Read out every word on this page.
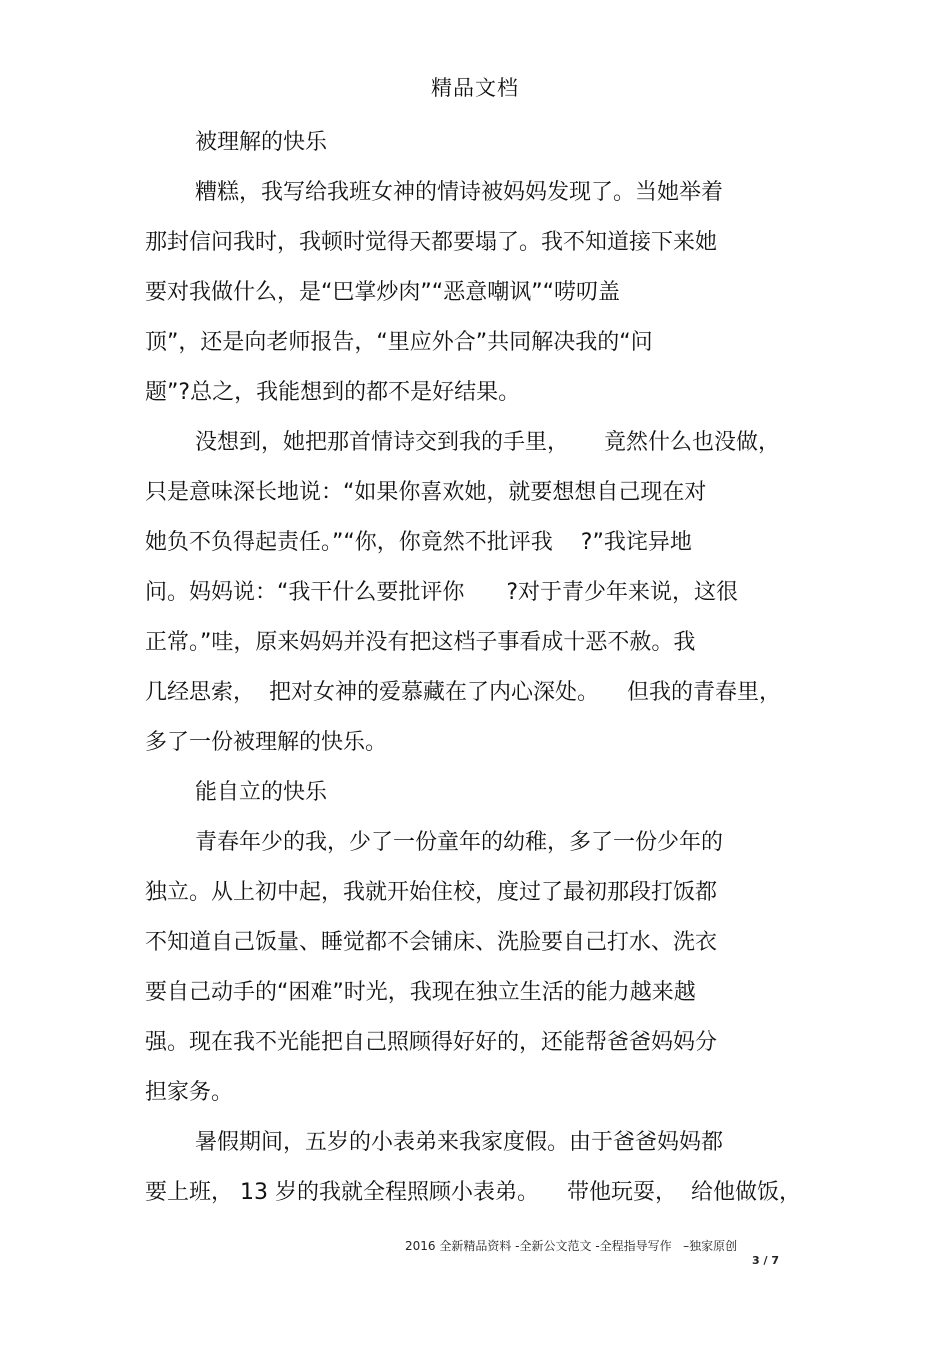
精品文档
被理解的快乐
糟糕，我写给我班女神的情诗被妈妈发现了。当她举着
那封信问我时，我顿时觉得天都要塌了。我不知道接下来她
要对我做什么，是“巴掌炒肉”“恶意嘲讽”“唠叨盖
顶”，还是向老师报告，“里应外合”共同解决我的“问
题”?总之，我能想到的都不是好结果。
没想到，她把那首情诗交到我的手里，     竟然什么也没做，
只是意味深长地说：“如果你喜欢她，就要想想自己现在对
她负不负得起责任。”“你，你竟然不批评我    ?”我诧异地
问。妈妈说：“我干什么要批评你      ?对于青少年来说，这很
正常。”哇，原来妈妈并没有把这档子事看成十恶不赦。我
几经思索，  把对女神的爱慕藏在了内心深处。    但我的青春里，
多了一份被理解的快乐。
能自立的快乐
青春年少的我，少了一份童年的幼稚，多了一份少年的
独立。从上初中起，我就开始住校，度过了最初那段打饭都
不知道自己饭量、睡觉都不会铺床、洗脸要自己打水、洗衣
要自己动手的“困难”时光，我现在独立生活的能力越来越
强。现在我不光能把自己照顾得好好的，还能帮爸爸妈妈分
担家务。
暑假期间，五岁的小表弟来我家度假。由于爸爸妈妈都
要上班， 13 岁的我就全程照顾小表弟。    带他玩耍，  给他做饭，
2016 全新精品资料 -全新公文范文 -全程指导写作   –独家原创
3 / 7
